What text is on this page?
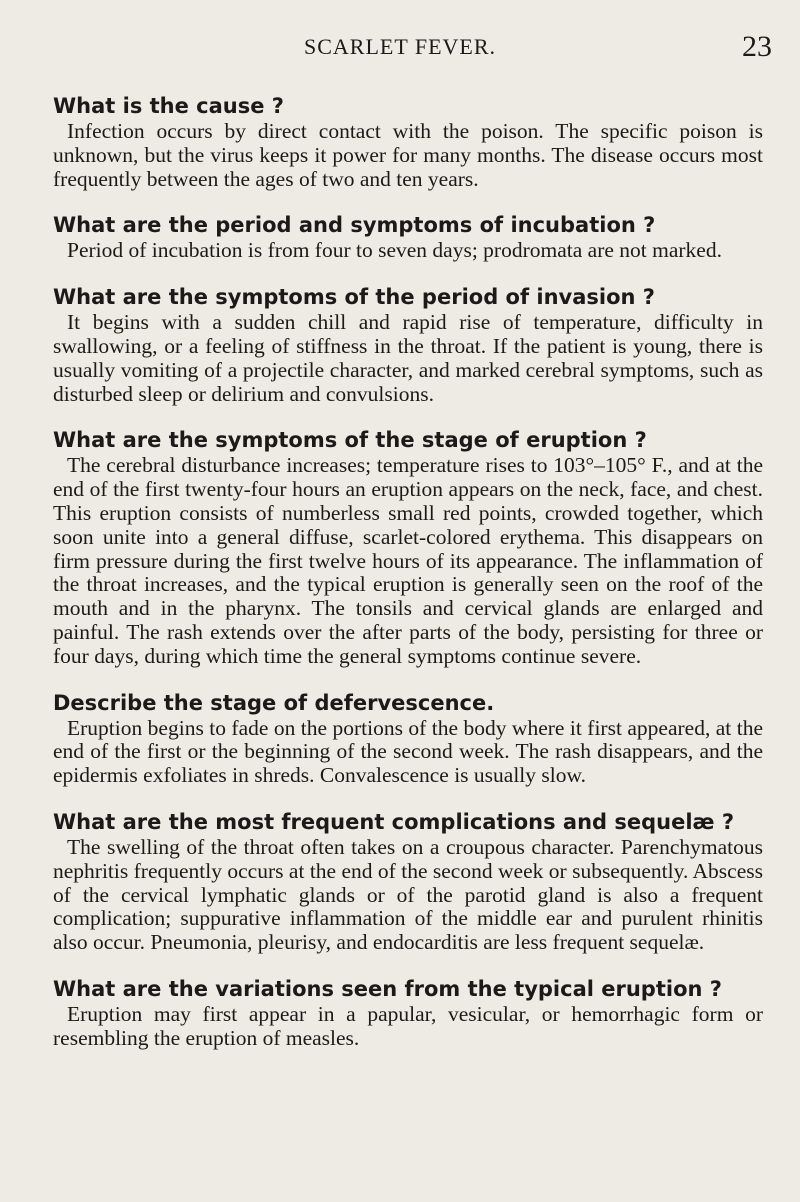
SCARLET FEVER.	23
What is the cause ?

Infection occurs by direct contact with the poison. The specific poison is unknown, but the virus keeps it power for many months. The disease occurs most frequently between the ages of two and ten years.

What are the period and symptoms of incubation ?

Period of incubation is from four to seven days; prodromata are not marked.

What are the symptoms of the period of invasion ?

It begins with a sudden chill and rapid rise of temperature, difficulty in swallowing, or a feeling of stiffness in the throat. If the patient is young, there is usually vomiting of a projectile character, and marked cerebral symptoms, such as disturbed sleep or delirium and convulsions.

What are the symptoms of the stage of eruption ?

The cerebral disturbance increases; temperature rises to 103°–105° F., and at the end of the first twenty-four hours an eruption appears on the neck, face, and chest. This eruption consists of numberless small red points, crowded together, which soon unite into a general diffuse, scarlet-colored erythema. This disappears on firm pressure during the first twelve hours of its appearance. The inflammation of the throat increases, and the typical eruption is generally seen on the roof of the mouth and in the pharynx. The tonsils and cervical glands are enlarged and painful. The rash extends over the after parts of the body, persisting for three or four days, during which time the general symptoms continue severe.

Describe the stage of defervescence.

Eruption begins to fade on the portions of the body where it first appeared, at the end of the first or the beginning of the second week. The rash disappears, and the epidermis exfoliates in shreds. Convalescence is usually slow.

What are the most frequent complications and sequelæ ?

The swelling of the throat often takes on a croupous character. Parenchymatous nephritis frequently occurs at the end of the second week or subsequently. Abscess of the cervical lymphatic glands or of the parotid gland is also a frequent complication; suppurative inflammation of the middle ear and purulent rhinitis also occur. Pneumonia, pleurisy, and endocarditis are less frequent sequelæ.

What are the variations seen from the typical eruption ?

Eruption may first appear in a papular, vesicular, or hemorrhagic form or resembling the eruption of measles.
